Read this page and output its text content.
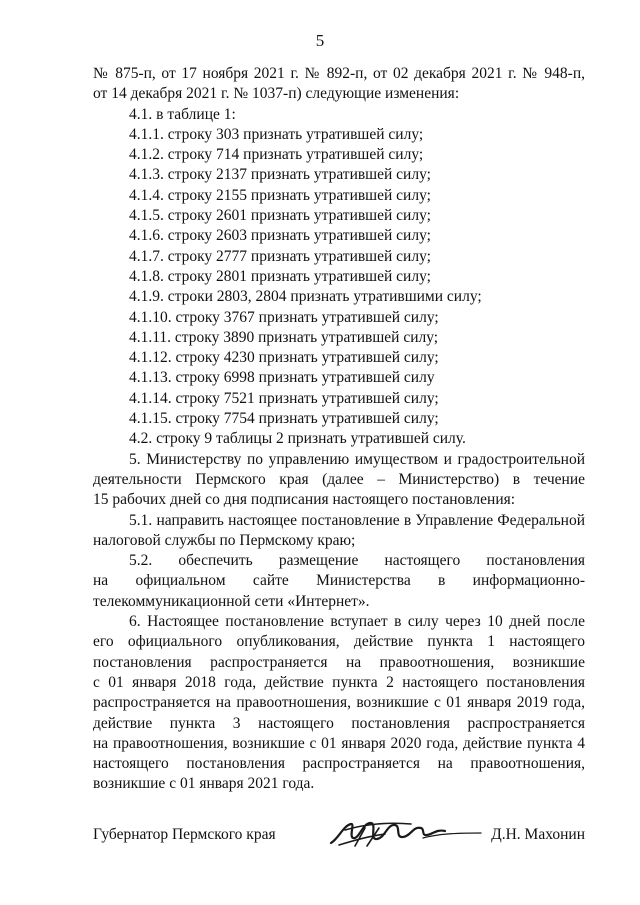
5
№ 875-п, от 17 ноября 2021 г. № 892-п, от 02 декабря 2021 г. № 948-п,
от 14 декабря 2021 г. № 1037-п) следующие изменения:
4.1. в таблице 1:
4.1.1. строку 303 признать утратившей силу;
4.1.2. строку 714 признать утратившей силу;
4.1.3. строку 2137 признать утратившей силу;
4.1.4. строку 2155 признать утратившей силу;
4.1.5. строку 2601 признать утратившей силу;
4.1.6. строку 2603 признать утратившей силу;
4.1.7. строку 2777 признать утратившей силу;
4.1.8. строку 2801 признать утратившей силу;
4.1.9. строки 2803, 2804 признать утратившими силу;
4.1.10. строку 3767 признать утратившей силу;
4.1.11. строку 3890 признать утратившей силу;
4.1.12. строку 4230 признать утратившей силу;
4.1.13. строку 6998 признать утратившей силу
4.1.14. строку 7521 признать утратившей силу;
4.1.15. строку 7754 признать утратившей силу;
4.2. строку 9 таблицы 2 признать утратившей силу.
5. Министерству по управлению имуществом и градостроительной
деятельности Пермского края (далее – Министерство) в течение
15 рабочих дней со дня подписания настоящего постановления:
5.1. направить настоящее постановление в Управление Федеральной
налоговой службы по Пермскому краю;
5.2. обеспечить размещение настоящего постановления
на официальном сайте Министерства в информационно-
телекоммуникационной сети «Интернет».
6. Настоящее постановление вступает в силу через 10 дней после
его официального опубликования, действие пункта 1 настоящего
постановления распространяется на правоотношения, возникшие
с 01 января 2018 года, действие пункта 2 настоящего постановления
распространяется на правоотношения, возникшие с 01 января 2019 года,
действие пункта 3 настоящего постановления распространяется
на правоотношения, возникшие с 01 января 2020 года, действие пункта 4
настоящего постановления распространяется на правоотношения,
возникшие с 01 января 2021 года.
Губернатор Пермского края	Д.Н. Махонин
